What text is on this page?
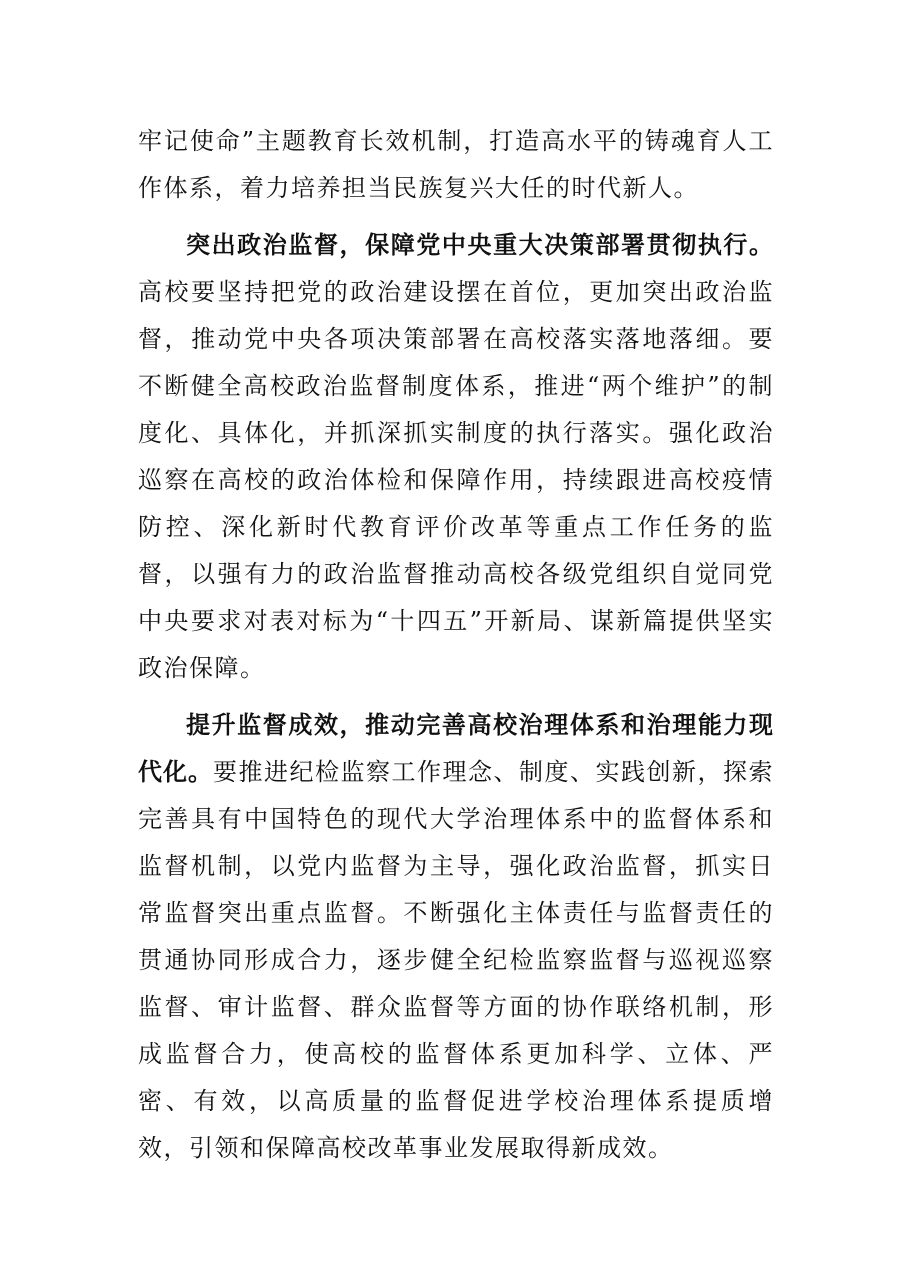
牢记使命”主题教育长效机制，打造高水平的铸魂育人工作体系，着力培养担当民族复兴大任的时代新人。

突出政治监督，保障党中央重大决策部署贯彻执行。高校要坚持把党的政治建设摆在首位，更加突出政治监督，推动党中央各项决策部署在高校落实落地落细。要不断健全高校政治监督制度体系，推进“两个维护”的制度化、具体化，并抓深抓实制度的执行落实。强化政治巡察在高校的政治体检和保障作用，持续跟进高校疫情防控、深化新时代教育评价改革等重点工作任务的监督，以强有力的政治监督推动高校各级党组织自觉同党中央要求对表对标为“十四五”开新局、谋新篇提供坚实政治保障。

提升监督成效，推动完善高校治理体系和治理能力现代化。要推进纪检监察工作理念、制度、实践创新，探索完善具有中国特色的现代大学治理体系中的监督体系和监督机制，以党内监督为主导，强化政治监督，抓实日常监督突出重点监督。不断强化主体责任与监督责任的贯通协同形成合力，逐步健全纪检监察监督与巡视巡察监督、审计监督、群众监督等方面的协作联络机制，形成监督合力，使高校的监督体系更加科学、立体、严密、有效，以高质量的监督促进学校治理体系提质增效，引领和保障高校改革事业发展取得新成效。
